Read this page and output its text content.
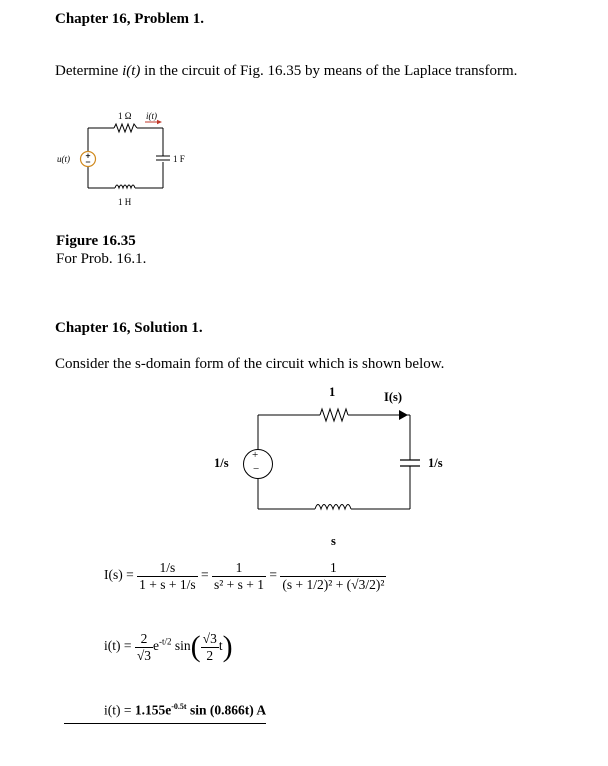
Chapter 16, Problem 1.
Determine i(t) in the circuit of Fig. 16.35 by means of the Laplace transform.
u(t)
1 Ω i(t)
1 F
1 H
Figure 16.35
For Prob. 16.1.
Chapter 16, Solution 1.
Consider the s-domain form of the circuit which is shown below.
+
−
1	I(s)
1/s	1/s
s
$I(s) = \frac{1/s}{1 + s + 1/s} = \frac{1}{\text{s² + s + 1}} = \frac{1}{\text{(s + 1/2)² + (√3/2)²}}$
$i(t) = \frac{2}{√3} e^{-t/2}$ $\sin( \frac{√3}{2} t)$
$i(t) = 1.155e^{-0.5t}$ sin (0.866t) A
